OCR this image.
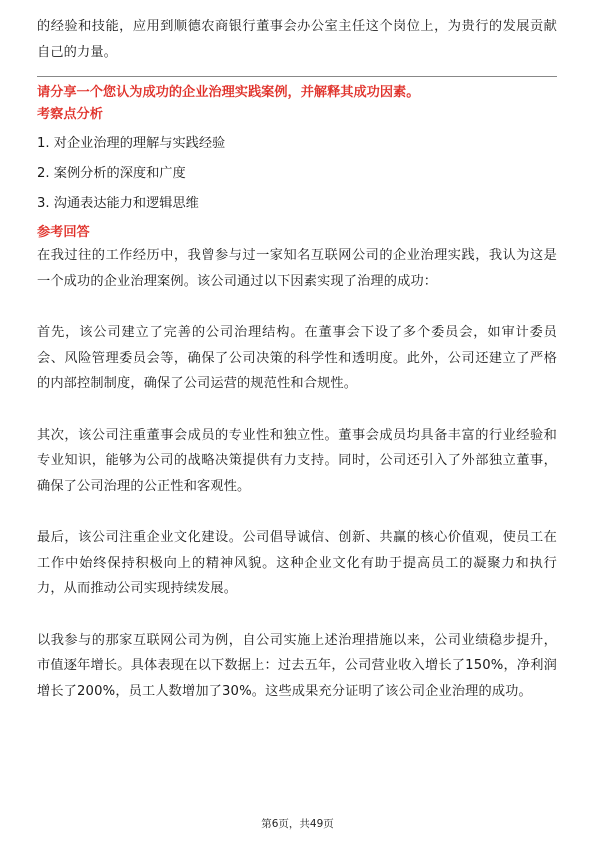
的经验和技能，应用到顺德农商银行董事会办公室主任这个岗位上，为贵行的发展贡献自己的力量。

请分享一个您认为成功的企业治理实践案例，并解释其成功因素。

考察点分析

1. 对企业治理的理解与实践经验
2. 案例分析的深度和广度
3. 沟通表达能力和逻辑思维

参考回答

在我过往的工作经历中，我曾参与过一家知名互联网公司的企业治理实践，我认为这是一个成功的企业治理案例。该公司通过以下因素实现了治理的成功：

首先，该公司建立了完善的公司治理结构。在董事会下设了多个委员会，如审计委员会、风险管理委员会等，确保了公司决策的科学性和透明度。此外，公司还建立了严格的内部控制制度，确保了公司运营的规范性和合规性。

其次，该公司注重董事会成员的专业性和独立性。董事会成员均具备丰富的行业经验和专业知识，能够为公司的战略决策提供有力支持。同时，公司还引入了外部独立董事，确保了公司治理的公正性和客观性。

最后，该公司注重企业文化建设。公司倡导诚信、创新、共赢的核心价值观，使员工在工作中始终保持积极向上的精神风貌。这种企业文化有助于提高员工的凝聚力和执行力，从而推动公司实现持续发展。

以我参与的那家互联网公司为例，自公司实施上述治理措施以来，公司业绩稳步提升，市值逐年增长。具体表现在以下数据上：过去五年，公司营业收入增长了150%，净利润增长了200%，员工人数增加了30%。这些成果充分证明了该公司企业治理的成功。

第6页，共49页
